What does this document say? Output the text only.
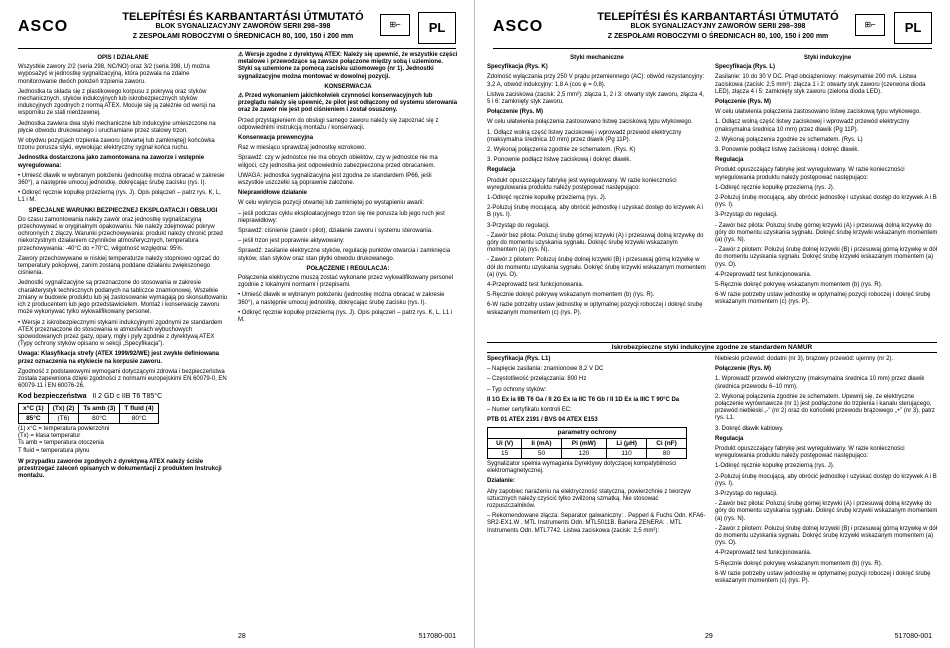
ASCO
TELEPÍTÉSI ÉS KARBANTARTÁSI ÚTMUTATÓ
BLOK SYGNALIZACYJNY ZAWORÓW SERII 298–398
Z ZESPOŁAMI ROBOCZYMI O ŚREDNICACH 80, 100, 150 i 200 mm
⊞⌐	PL
OPIS I DZIAŁANIE

Wszystkie zawory 2/2 (seria 298, NC/NO) oraz 3/2 (seria 398, U) można wyposażyć w jednostkę sygnalizacyjną, która pozwala na zdalne monitorowanie dwóch położeń trzpienia zaworu.

Jednostka ta składa się z plastikowego korpusu z pokrywą oraz styków mechanicznych, styków indukcyjnych lub iskrobezpiecznych styków indukcyjnych zgodnych z normą ATEX. Mocuje się ją zależnie od wersji na wsporniku ze stali nierdzewnej.

Jednostka zawiera dwa styki mechaniczne lub indukcyjne umieszczone na płycie obwodu drukowanego i uruchamiane przez stalowy trzon.

W obydwu pozycjach trzpienia zaworu (otwartej lub zamkniętej) końcówka trzonu porusza styki, wywołując elektryczny sygnał końca ruchu.

Jednostka dostarczona jako zamontowana na zaworze i wstępnie wyregulowana:

• Umieść dławik w wybranym położeniu (jednostkę można obracać w zakresie 360°), a następnie umocuj jednostkę, dokręcając śrubę zacisku (rys. I).

• Odkręć ręcznie kopułkę przezierną (rys. J). Opis połączeń – patrz rys. K, L, L1 i M.

SPECJALNE WARUNKI BEZPIECZNEJ EKSPLOATACJI I OBSŁUGI

Do czasu zamontowania należy zawór oraz jednostkę sygnalizacyjną przechowywać w oryginalnym opakowaniu. Nie należy zdejmować pokryw ochronnych z złączy. Warunki przechowywania: produkt należy chronić przed niekorzystnym działaniem czynników atmosferycznych, temperatura przechowywania: -40°C do +70°C; wilgotność względna: 95%.

Zawory przechowywane w niskiej temperaturze należy stopniowo ogrzać do temperatury pokojowej, zanim zostaną poddane działaniu zwiększonego ciśnienia.

Jednostki sygnalizacyjne są przeznaczone do stosowania w zakresie charakterystyk technicznych podanych na tabliczce znamionowej. Wszelkie zmiany w budowie produktu lub jej zastosowanie wymagają po skonsultowaniu ich z producentem lub jego przedstawicielem. Montaż i konserwację zaworu może wykonywać tylko wykwalifikowany personel.

• Wersje z iskrobezpiecznymi stykami indukcyjnymi zgodnymi ze standardem ATEX przeznaczone do stosowania w atmosferach wybuchowych spowodowanych przez gazy, opary, mgły i pyły zgodnie z dyrektywą ATEX (Typy ochrony styków opisano w sekcji „Specyfikacja”).

Uwaga: Klasyfikacja strefy (ATEX 1999/92/WE) jest zwykle definiowana przez oznaczenia na etykiecie na korpusie zaworu.

Zgodność z podstawowymi wymogami dotyczącymi zdrowia i bezpieczeństwa została zapewniona dzięki zgodności z normami europejskimi EN 60079-0, EN 60079-11 i EN 60076-26.

Kod bezpieczeństwa II 2 GD c IIB T6 T85°C
x°C (1)	(Tx) (2)	Ts amb (3)	T fluid (4)
85°C	(T6)	80°C	80°C
(1) x°C = temperatura powierzchni
(Tx) = klasa temperatur
Ts amb = temperatura otoczenia
T fluid = temperatura płynu

W przypadku zaworów zgodnych z dyrektywą ATEX należy ściśle przestrzegać zaleceń opisanych w dokumentacji z produktem Instrukcji montażu.

⚠ Wersje zgodne z dyrektywą ATEX: Należy się upewnić, że wszystkie części metalowe i przewodzące są zawsze połączone między sobą i uziemione. Styki są uziemione za pomocą zacisku uziomowego (nr 1). Jednostki sygnalizacyjne można montować w dowolnej pozycji.

KONSERWACJA

⚠ Przed wykonaniem jakichkolwiek czynności konserwacyjnych lub przeglądu należy się upewnić, że pilot jest odłączony od systemu sterowania oraz że zawór nie jest pod ciśnieniem i został osuszony.

Przed przystąpieniem do obsługi samego zaworu należy się zapoznać się z odpowiednimi instrukcją montażu / konserwacji.

Konserwacja prewencyjna

Raz w miesiącu sprawdzaj jednostkę wzrokowo.

Sprawdź: czy w jednostce nie ma obcych obiektów, czy w jednostce nie ma wilgoci, czy jednostka jest odpowiednio zabezpieczona przed obracaniem.

UWAGA: jednostka sygnalizacyjna jest zgodna ze standardem IP66, jeśli wszystkie uszczelki są poprawnie założone.

Nieprawidłowe działanie

W celu wykrycia pozycji otwartej lub zamkniętej po wystąpieniu awarii:

– jeśli podczas cyklu eksploatacyjnego trzon się nie porusza lub jego ruch jest nieprawidłowy:

Sprawdź: ciśnienie (zawór i pilot), działanie zaworu i systemu sterowania.

– jeśli trzon jest poprawnie aktywowany:

Sprawdź: zasilanie elektryczne styków, regulację punktów otwarcia i zamknięcia styków, stan styków oraz stan płytki obwodu drukowanego.

POŁĄCZENIE I REGULACJA:

Połączenia elektryczne muszą zostać wykonane przez wykwalifikowany personel zgodnie z lokalnymi normami i przepisami.

• Umieść dławik w wybranym położeniu (jednostkę można obracać w zakresie 360°), a następnie umocuj jednostkę, dokręcając śrubę zacisku (rys. I).

• Odkręć ręcznie kopułkę przezierną (rys. J). Opis połączeń – patrz rys. K, L, L1 i M.

28	517080-001
ASCO
TELEPÍTÉSI ÉS KARBANTARTÁSI ÚTMUTATÓ
BLOK SYGNALIZACYJNY ZAWORÓW SERII 298–398
Z ZESPOŁAMI ROBOCZYMI O ŚREDNICACH 80, 100, 150 i 200 mm
⊞⌐	PL
Styki mechaniczne

Specyfikacja (Rys. K)

Zdolność wyłączania przy 250 V prądu przemiennego (AC): obwód rezystancyjny: 3,2 A, obwód indukcyjny: 1,8 A (cos φ = 0,8).

Listwa zaciskowa (zacisk: 2,5 mm²): złącza 1, 2 i 3: otwarty styk zaworu, złącza 4, 5 i 6: zamknięty styk zaworu.

Połączenie (Rys. M)

W celu ułatwienia połączenia zastosowano listwę zaciskową typu wtykowego.

1. Odłącz wolną część listwy zaciskowej i wprowadź przewód elektryczny (maksymalna średnica 10 mm) przez dławik (Pg 11P).

2. Wykonaj połączenia zgodnie ze schematem. (Rys. K)

3. Ponownie podłącz listwę zaciskową i dokręć dławik.

Regulacja

Produkt opuszczający fabrykę jest wyregulowany. W razie konieczności wyregulowania produktu należy postępować następująco:

1-Odkręć ręcznie kopułkę przezierną (rys. J).

2-Poluzuj śrubę mocującą, aby obrócić jednostkę i uzyskać dostęp do krzywek A i B (rys. I).

3-Przystąp do regulacji.

- Zawór bez pilota: Poluzuj śrubę górnej krzywki (A) i przesuwaj dolną krzywkę do góry do momentu uzyskania sygnału. Dokręć śrubę krzywki wskazanym momentem (a) (rys. N).

- Zawór z pilotem: Poluzuj śrubę dolnej krzywki (B) i przesuwaj górną krzywkę w dół do momentu uzyskania sygnału. Dokręć śrubę krzywki wskazanym momentem (a) (rys. O).

4-Przeprowadź test funkcjonowania.

5-Ręcznie dokręć pokrywę wskazanym momentem (b) (rys. R).

6-W razie potrzeby ustaw jednostkę w optymalnej pozycji roboczej i dokręć śrubę wskazanym momentem (c) (rys. P).

Styki indukcyjne

Specyfikacja (Rys. L)

Zasilanie: 10 do 30 V DC. Prąd obciążeniowy: maksymalnie 200 mA. Listwa zaciskowa (zacisk: 2,5 mm²): złącza 1 i 2: otwarty styk zaworu (czerwona dioda LED), złącza 4 i 5: zamknięty styk zaworu (zielona dioda LED).

Połączenie (Rys. M)

W celu ułatwienia połączenia zastosowano listwę zaciskową typu wtykowego.

1. Odłącz wolną część listwy zaciskowej i wprowadź przewód elektryczny (maksymalna średnica 10 mm) przez dławik (Pg 11P).

2. Wykonaj połączenia zgodnie ze schematem. (Rys. L)

3. Ponownie podłącz listwę zaciskową i dokręć dławik.

Regulacja

Produkt opuszczający fabrykę jest wyregulowany. W razie konieczności wyregulowania produktu należy postępować następująco:

1-Odkręć ręcznie kopułkę przezierną (rys. J).

2-Poluzuj śrubę mocującą, aby obrócić jednostkę i uzyskać dostęp do krzywek A i B (rys. I).

3-Przystąp do regulacji.

- Zawór bez pilota: Poluzuj śrubę górnej krzywki (A) i przesuwaj dolną krzywkę do góry do momentu uzyskania sygnału. Dokręć śrubę krzywki wskazanym momentem (a) (rys. N).

- Zawór z pilotem: Poluzuj śrubę dolnej krzywki (B) i przesuwaj górną krzywkę w dół do momentu uzyskania sygnału. Dokręć śrubę krzywki wskazanym momentem (a) (rys. O).

4-Przeprowadź test funkcjonowania.

5-Ręcznie dokręć pokrywę wskazanym momentem (b) (rys. R).

6-W razie potrzeby ustaw jednostkę w optymalnej pozycji roboczej i dokręć śrubę wskazanym momentem (c) (rys. P).

Iskrobezpieczne styki indukcyjne zgodne ze standardem NAMUR

Specyfikacja (Rys. L1)

– Napięcie zasilania: znamionowe 8,2 V DC

– Częstotliwość przełączania: 800 Hz

– Typ ochrony styków:

II 1G Ex ia IIB T6 Ga / II 2G Ex ia IIC T6 Gb / II 1D Ex ia IIIC T 90°C Da

– Numer certyfikatu kontroli EC:

PTB 01 ATEX 2191 / BVS 04 ATEX E153

parametry ochrony				
Ui (V)	Ii (mA)	Pi (mW)	Li (μH)	Ci (nF)
15	50	120	110	80

Sygnalizator spełnia wymagania Dyrektywy dotyczącej kompatybilności elektromagnetycznej.

Działanie:

Aby zapobiec narażeniu na elektryczność statyczną, powierzchnie z tworzyw sztucznych należy czyścić tylko zwilżoną szmatką. Nie stosować rozpuszczalników.

– Rekomendowane złącza: Separator galwaniczny: . Pepperl & Fuchs Odn. KFA6-SR2-EX1.W . MTL Instruments Odn. MTL5011B. Bariera ZENERA: . MTL Instruments Odn. MTL7742. Listwa zaciskowa (zacisk: 2,5 mm²):

Niebieski przewód: dodatni (nr 3), brązowy przewód: ujemny (nr 2).

Połączenie (Rys. M)

1. Wprowadź przewód elektryczny (maksymalna średnica 10 mm) przez dławik (średnica przewodu 6–10 mm).

2. Wykonaj połączenia zgodnie ze schematem. Upewnij się, że elektryczne połączenie wyrównawcze (nr 1) jest podłączone do trzpienia i kanału sterującego, przewód niebieski „-” (nr 2) oraz do końcówki przewodu brązowego „+” (nr 3), patrz rys. L1.

3. Dokręć dławik kablowy.

Regulacja

Produkt opuszczający fabrykę jest wyregulowany. W razie konieczności wyregulowania produktu należy postępować następująco:

1-Odkręć ręcznie kopułkę przezierną (rys. J).

2-Poluzuj śrubę mocującą, aby obrócić jednostkę i uzyskać dostęp do krzywek A i B (rys. I).

3-Przystąp do regulacji.

- Zawór bez pilota: Poluzuj śrubę górnej krzywki (A) i przesuwaj dolną krzywkę do góry do momentu uzyskania sygnału. Dokręć śrubę krzywki wskazanym momentem (a) (rys. N).

- Zawór z pilotem: Poluzuj śrubę dolnej krzywki (B) i przesuwaj górną krzywkę w dół do momentu uzyskania sygnału. Dokręć śrubę krzywki wskazanym momentem (a) (rys. O).

4-Przeprowadź test funkcjonowania.

5-Ręcznie dokręć pokrywę wskazanym momentem (b) (rys. R).

6-W razie potrzeby ustaw jednostkę w optymalnej pozycji roboczej i dokręć śrubę wskazanym momentem (c) (rys. P).

29	517080-001
